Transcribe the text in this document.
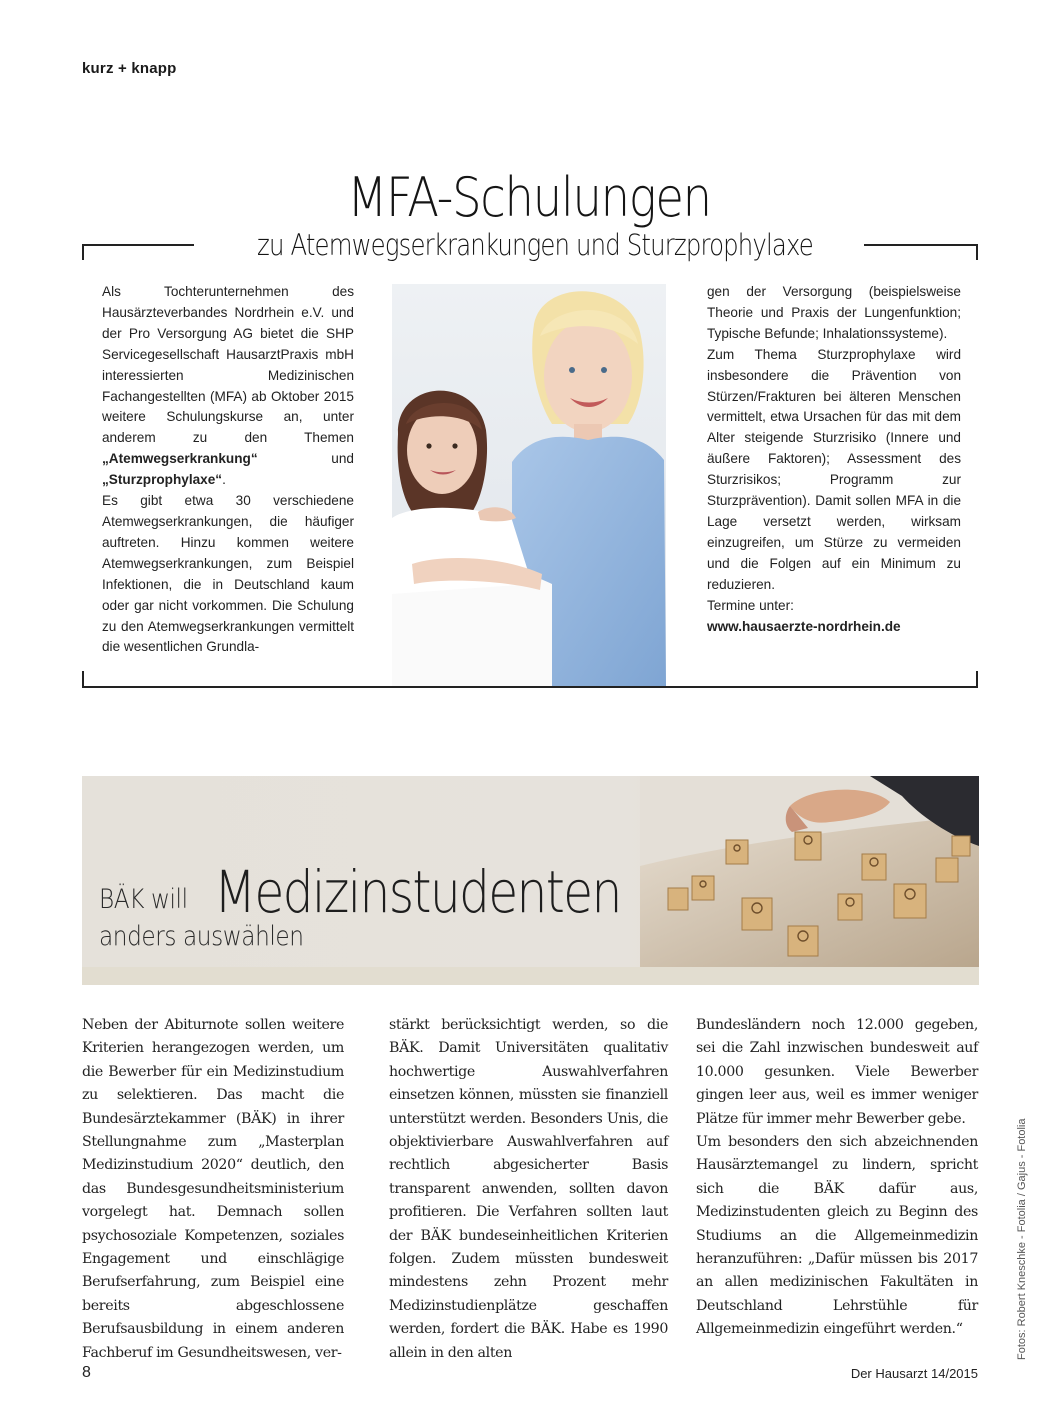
kurz + knapp
MFA-Schulungen
zu Atemwegserkrankungen und Sturzprophylaxe

Als Tochterunternehmen des Hausärzteverbandes Nordrhein e.V. und der Pro Versorgung AG bietet die SHP Servicegesellschaft HausarztPraxis mbH interessierten Medizinischen Fachangestellten (MFA) ab Oktober 2015 weitere Schulungskurse an, unter anderem zu den Themen „Atemwegserkrankung“ und „Sturzprophylaxe“.

Es gibt etwa 30 verschiedene Atemwegserkrankungen, die häufiger auftreten. Hinzu kommen weitere Atemwegserkrankungen, zum Beispiel Infektionen, die in Deutschland kaum oder gar nicht vorkommen. Die Schulung zu den Atemwegserkrankungen vermittelt die wesentlichen Grundla-

gen der Versorgung (beispielsweise Theorie und Praxis der Lungenfunktion; Typische Befunde; Inhalationssysteme).

Zum Thema Sturzprophylaxe wird insbesondere die Prävention von Stürzen/Frakturen bei älteren Menschen vermittelt, etwa Ursachen für das mit dem Alter steigende Sturzrisiko (Innere und äußere Faktoren); Assessment des Sturzrisikos; Programm zur Sturzprävention). Damit sollen MFA in die Lage versetzt werden, wirksam einzugreifen, um Stürze zu vermeiden und die Folgen auf ein Minimum zu reduzieren.

Termine unter:

www.hausaerzte-nordrhein.de

BÄK will Medizinstudenten
anders auswählen

Neben der Abiturnote sollen weitere Kriterien herangezogen werden, um die Bewerber für ein Medizinstudium zu selektieren. Das macht die Bundesärztekammer (BÄK) in ihrer Stellungnahme zum „Masterplan Medizinstudium 2020“ deutlich, den das Bundesgesundheitsministerium vorgelegt hat. Demnach sollen psychosoziale Kompetenzen, soziales Engagement und einschlägige Berufserfahrung, zum Beispiel eine bereits abgeschlossene Berufsausbildung in einem anderen Fachberuf im Gesundheitswesen, ver-

stärkt berücksichtigt werden, so die BÄK. Damit Universitäten qualitativ hochwertige Auswahlverfahren einsetzen können, müssten sie finanziell unterstützt werden. Besonders Unis, die objektivierbare Auswahlverfahren auf rechtlich abgesicherter Basis transparent anwenden, sollten davon profitieren. Die Verfahren sollten laut der BÄK bundeseinheitlichen Kriterien folgen. Zudem müssten bundesweit mindestens zehn Prozent mehr Medizinstudienplätze geschaffen werden, fordert die BÄK. Habe es 1990 allein in den alten

Bundesländern noch 12.000 gegeben, sei die Zahl inzwischen bundesweit auf 10.000 gesunken. Viele Bewerber gingen leer aus, weil es immer weniger Plätze für immer mehr Bewerber gebe.

Um besonders den sich abzeichnenden Hausärztemangel zu lindern, spricht sich die BÄK dafür aus, Medizinstudenten gleich zu Beginn des Studiums an die Allgemeinmedizin heranzuführen: „Dafür müssen bis 2017 an allen medizinischen Fakultäten in Deutschland Lehrstühle für Allgemeinmedizin eingeführt werden.“	Fotos: Robert Kneschke - Fotolia / Gajus - Fotolia
8	Der Hausarzt 14/2015
